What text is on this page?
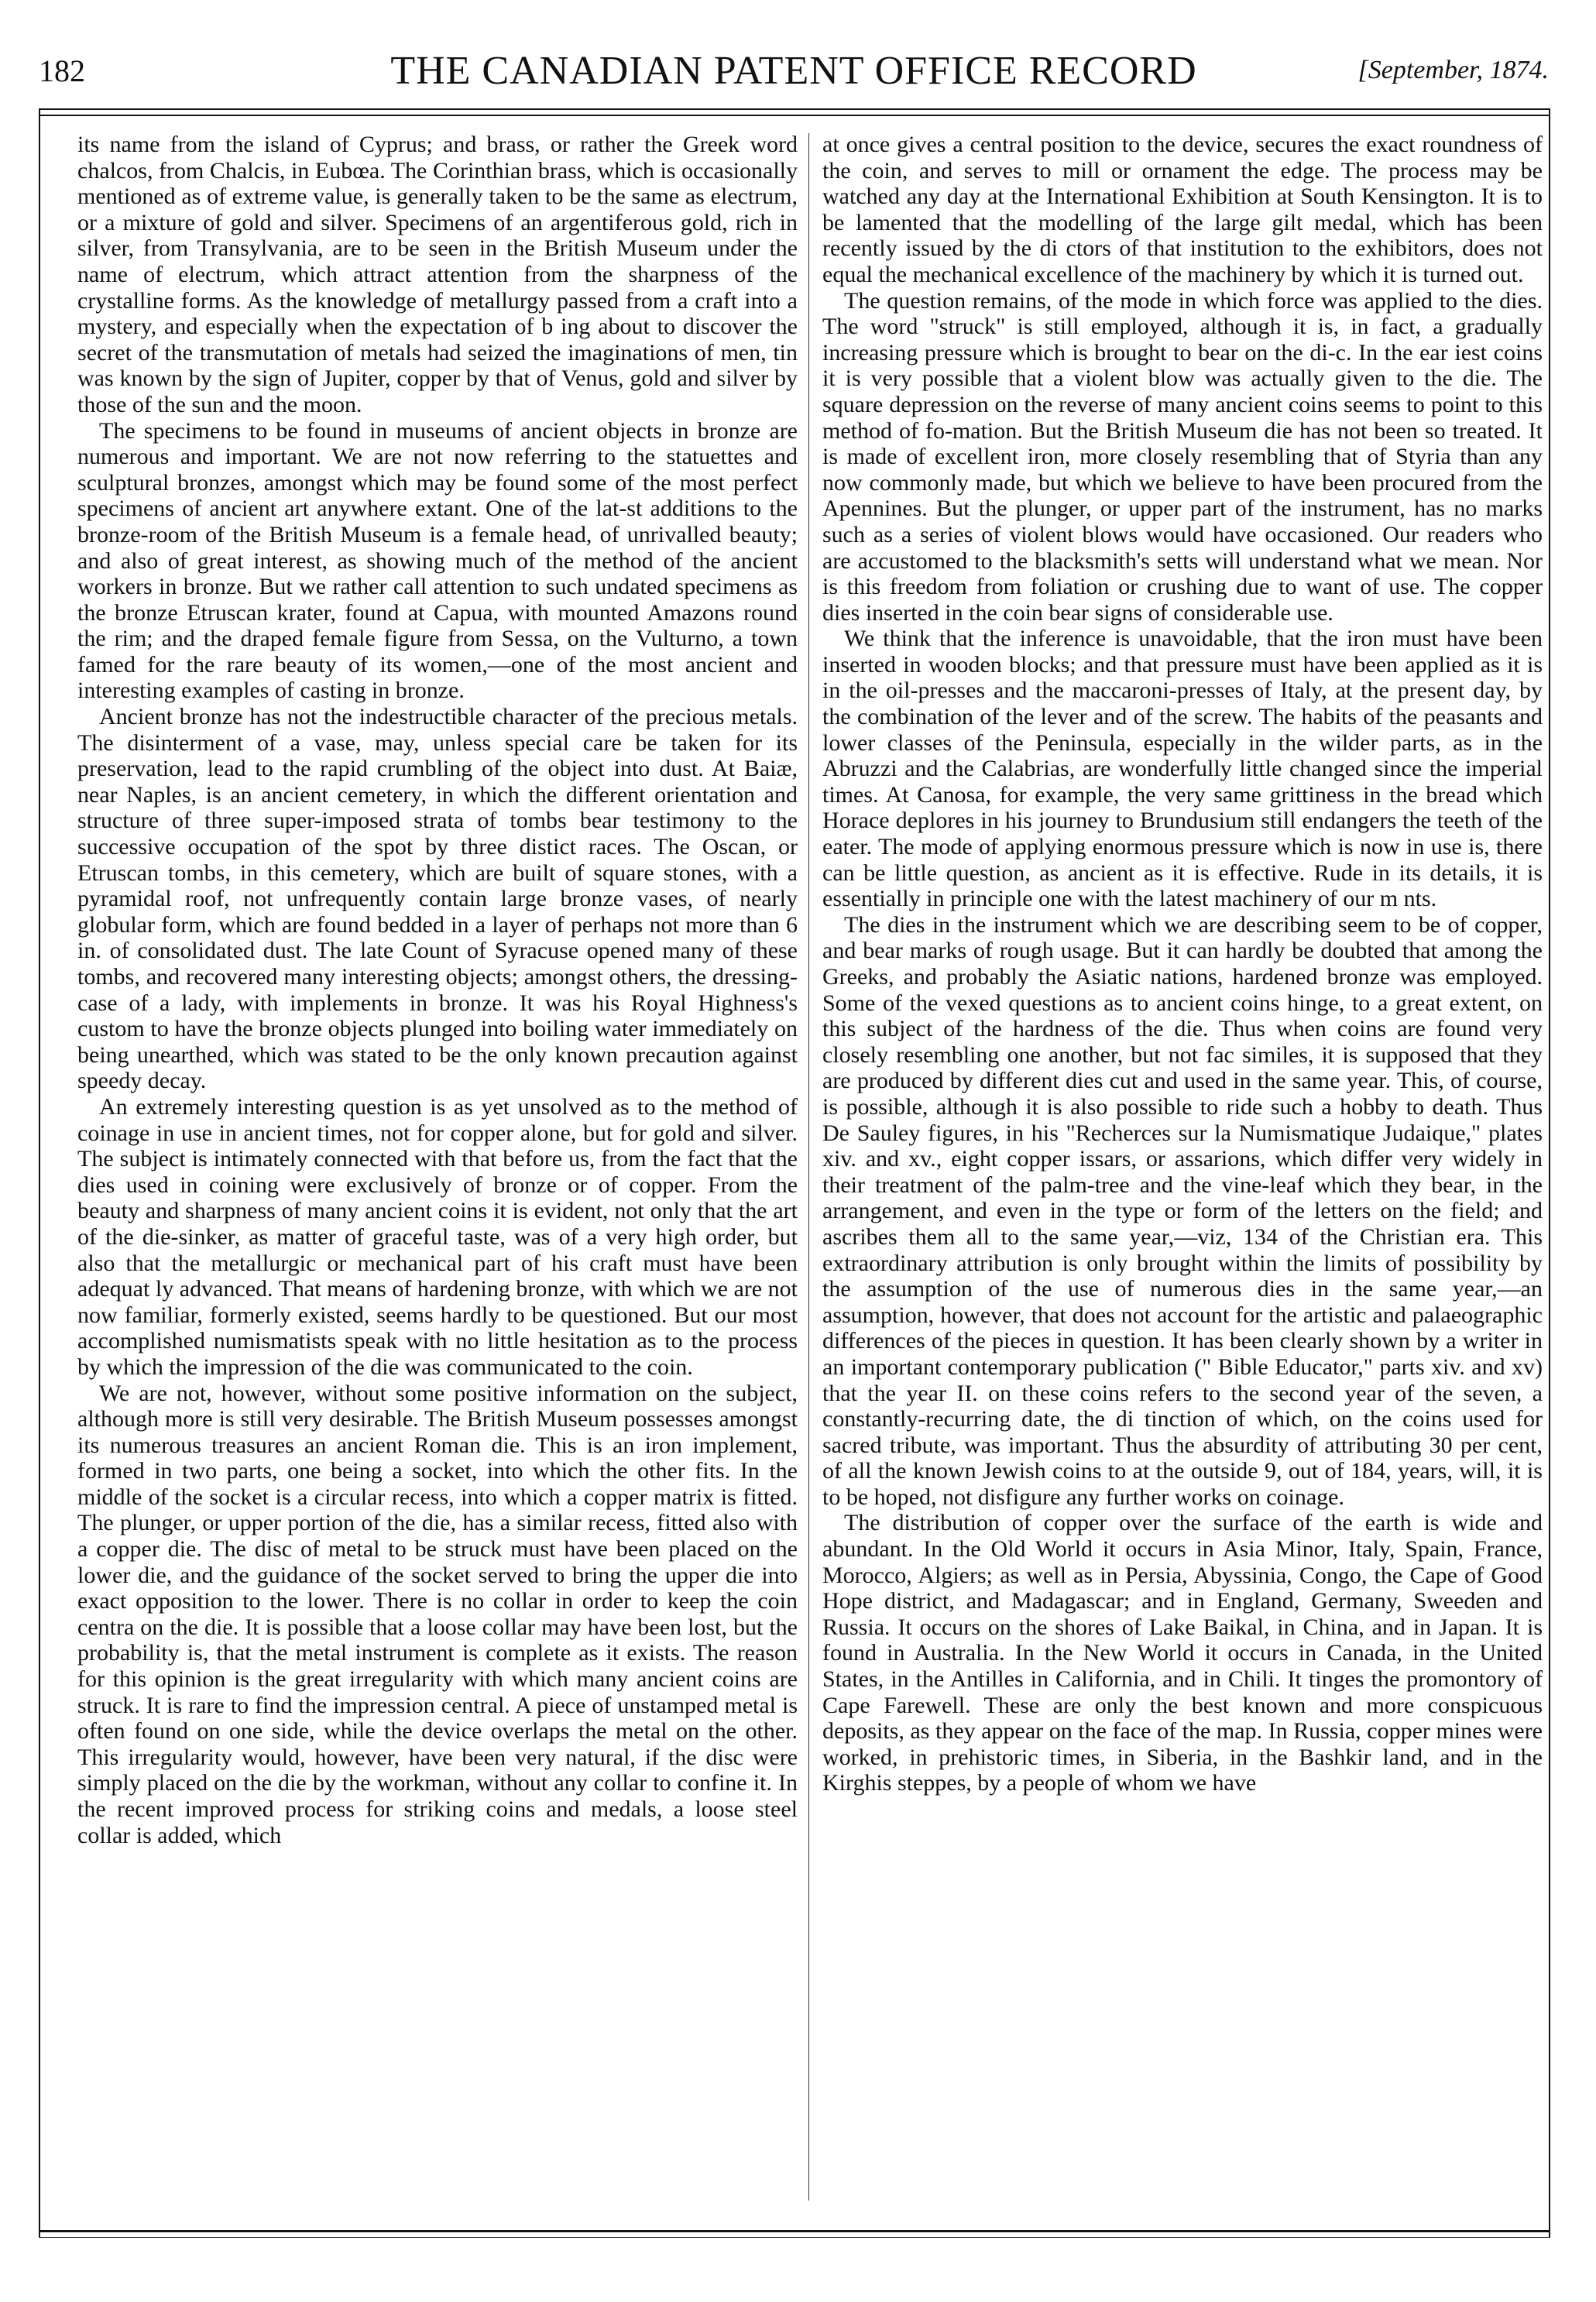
182	THE CANADIAN PATENT OFFICE RECORD	[September, 1874.

its name from the island of Cyprus; and brass, or rather the Greek word chalcos, from Chalcis, in Eubœa. The Corinthian brass, which is occasionally mentioned as of extreme value, is generally taken to be the same as electrum, or a mixture of gold and silver. Specimens of an argentiferous gold, rich in silver, from Transylvania, are to be seen in the British Museum under the name of electrum, which attract attention from the sharpness of the crystalline forms. As the knowledge of metallurgy passed from a craft into a mystery, and especially when the expectation of b ing about to discover the secret of the transmutation of metals had seized the imaginations of men, tin was known by the sign of Jupiter, copper by that of Venus, gold and silver by those of the sun and the moon.

The specimens to be found in museums of ancient objects in bronze are numerous and important. We are not now referring to the statuettes and sculptural bronzes, amongst which may be found some of the most perfect specimens of ancient art anywhere extant. One of the lat-st additions to the bronze-room of the British Museum is a female head, of unrivalled beauty; and also of great interest, as showing much of the method of the ancient workers in bronze. But we rather call attention to such undated specimens as the bronze Etruscan krater, found at Capua, with mounted Amazons round the rim; and the draped female figure from Sessa, on the Vulturno, a town famed for the rare beauty of its women,—one of the most ancient and interesting examples of casting in bronze.

Ancient bronze has not the indestructible character of the precious metals. The disinterment of a vase, may, unless special care be taken for its preservation, lead to the rapid crumbling of the object into dust. At Baiæ, near Naples, is an ancient cemetery, in which the different orientation and structure of three super-imposed strata of tombs bear testimony to the successive occupation of the spot by three distict races. The Oscan, or Etruscan tombs, in this cemetery, which are built of square stones, with a pyramidal roof, not unfrequently contain large bronze vases, of nearly globular form, which are found bedded in a layer of perhaps not more than 6 in. of consolidated dust. The late Count of Syracuse opened many of these tombs, and recovered many interesting objects; amongst others, the dressing-case of a lady, with implements in bronze. It was his Royal Highness's custom to have the bronze objects plunged into boiling water immediately on being unearthed, which was stated to be the only known precaution against speedy decay.

An extremely interesting question is as yet unsolved as to the method of coinage in use in ancient times, not for copper alone, but for gold and silver. The subject is intimately connected with that before us, from the fact that the dies used in coining were exclusively of bronze or of copper. From the beauty and sharpness of many ancient coins it is evident, not only that the art of the die-sinker, as matter of graceful taste, was of a very high order, but also that the metallurgic or mechanical part of his craft must have been adequat ly advanced. That means of hardening bronze, with which we are not now familiar, formerly existed, seems hardly to be questioned. But our most accomplished numismatists speak with no little hesitation as to the process by which the impression of the die was communicated to the coin.

We are not, however, without some positive information on the subject, although more is still very desirable. The British Museum possesses amongst its numerous treasures an ancient Roman die. This is an iron implement, formed in two parts, one being a socket, into which the other fits. In the middle of the socket is a circular recess, into which a copper matrix is fitted. The plunger, or upper portion of the die, has a similar recess, fitted also with a copper die. The disc of metal to be struck must have been placed on the lower die, and the guidance of the socket served to bring the upper die into exact opposition to the lower. There is no collar in order to keep the coin centra on the die. It is possible that a loose collar may have been lost, but the probability is, that the metal instrument is complete as it exists. The reason for this opinion is the great irregularity with which many ancient coins are struck. It is rare to find the impression central. A piece of unstamped metal is often found on one side, while the device overlaps the metal on the other. This irregularity would, however, have been very natural, if the disc were simply placed on the die by the workman, without any collar to confine it. In the recent improved process for striking coins and medals, a loose steel collar is added, which

at once gives a central position to the device, secures the exact roundness of the coin, and serves to mill or ornament the edge. The process may be watched any day at the International Exhibition at South Kensington. It is to be lamented that the modelling of the large gilt medal, which has been recently issued by the di ctors of that institution to the exhibitors, does not equal the mechanical excellence of the machinery by which it is turned out.

The question remains, of the mode in which force was applied to the dies. The word "struck" is still employed, although it is, in fact, a gradually increasing pressure which is brought to bear on the di-c. In the ear iest coins it is very possible that a violent blow was actually given to the die. The square depression on the reverse of many ancient coins seems to point to this method of fo-mation. But the British Museum die has not been so treated. It is made of excellent iron, more closely resembling that of Styria than any now commonly made, but which we believe to have been procured from the Apennines. But the plunger, or upper part of the instrument, has no marks such as a series of violent blows would have occasioned. Our readers who are accustomed to the blacksmith's setts will understand what we mean. Nor is this freedom from foliation or crushing due to want of use. The copper dies inserted in the coin bear signs of considerable use.

We think that the inference is unavoidable, that the iron must have been inserted in wooden blocks; and that pressure must have been applied as it is in the oil-presses and the maccaroni-presses of Italy, at the present day, by the combination of the lever and of the screw. The habits of the peasants and lower classes of the Peninsula, especially in the wilder parts, as in the Abruzzi and the Calabrias, are wonderfully little changed since the imperial times. At Canosa, for example, the very same grittiness in the bread which Horace deplores in his journey to Brundusium still endangers the teeth of the eater. The mode of applying enormous pressure which is now in use is, there can be little question, as ancient as it is effective. Rude in its details, it is essentially in principle one with the latest machinery of our m nts.

The dies in the instrument which we are describing seem to be of copper, and bear marks of rough usage. But it can hardly be doubted that among the Greeks, and probably the Asiatic nations, hardened bronze was employed. Some of the vexed questions as to ancient coins hinge, to a great extent, on this subject of the hardness of the die. Thus when coins are found very closely resembling one another, but not fac similes, it is supposed that they are produced by different dies cut and used in the same year. This, of course, is possible, although it is also possible to ride such a hobby to death. Thus De Sauley figures, in his "Recherces sur la Numismatique Judaique," plates xiv. and xv., eight copper issars, or assarions, which differ very widely in their treatment of the palm-tree and the vine-leaf which they bear, in the arrangement, and even in the type or form of the letters on the field; and ascribes them all to the same year,—viz, 134 of the Christian era. This extraordinary attribution is only brought within the limits of possibility by the assumption of the use of numerous dies in the same year,—an assumption, however, that does not account for the artistic and palaeographic differences of the pieces in question. It has been clearly shown by a writer in an important contemporary publication (" Bible Educator," parts xiv. and xv) that the year II. on these coins refers to the second year of the seven, a constantly-recurring date, the di tinction of which, on the coins used for sacred tribute, was important. Thus the absurdity of attributing 30 per cent, of all the known Jewish coins to at the outside 9, out of 184, years, will, it is to be hoped, not disfigure any further works on coinage.

The distribution of copper over the surface of the earth is wide and abundant. In the Old World it occurs in Asia Minor, Italy, Spain, France, Morocco, Algiers; as well as in Persia, Abyssinia, Congo, the Cape of Good Hope district, and Madagascar; and in England, Germany, Sweeden and Russia. It occurs on the shores of Lake Baikal, in China, and in Japan. It is found in Australia. In the New World it occurs in Canada, in the United States, in the Antilles in California, and in Chili. It tinges the promontory of Cape Farewell. These are only the best known and more conspicuous deposits, as they appear on the face of the map. In Russia, copper mines were worked, in prehistoric times, in Siberia, in the Bashkir land, and in the Kirghis steppes, by a people of whom we have
